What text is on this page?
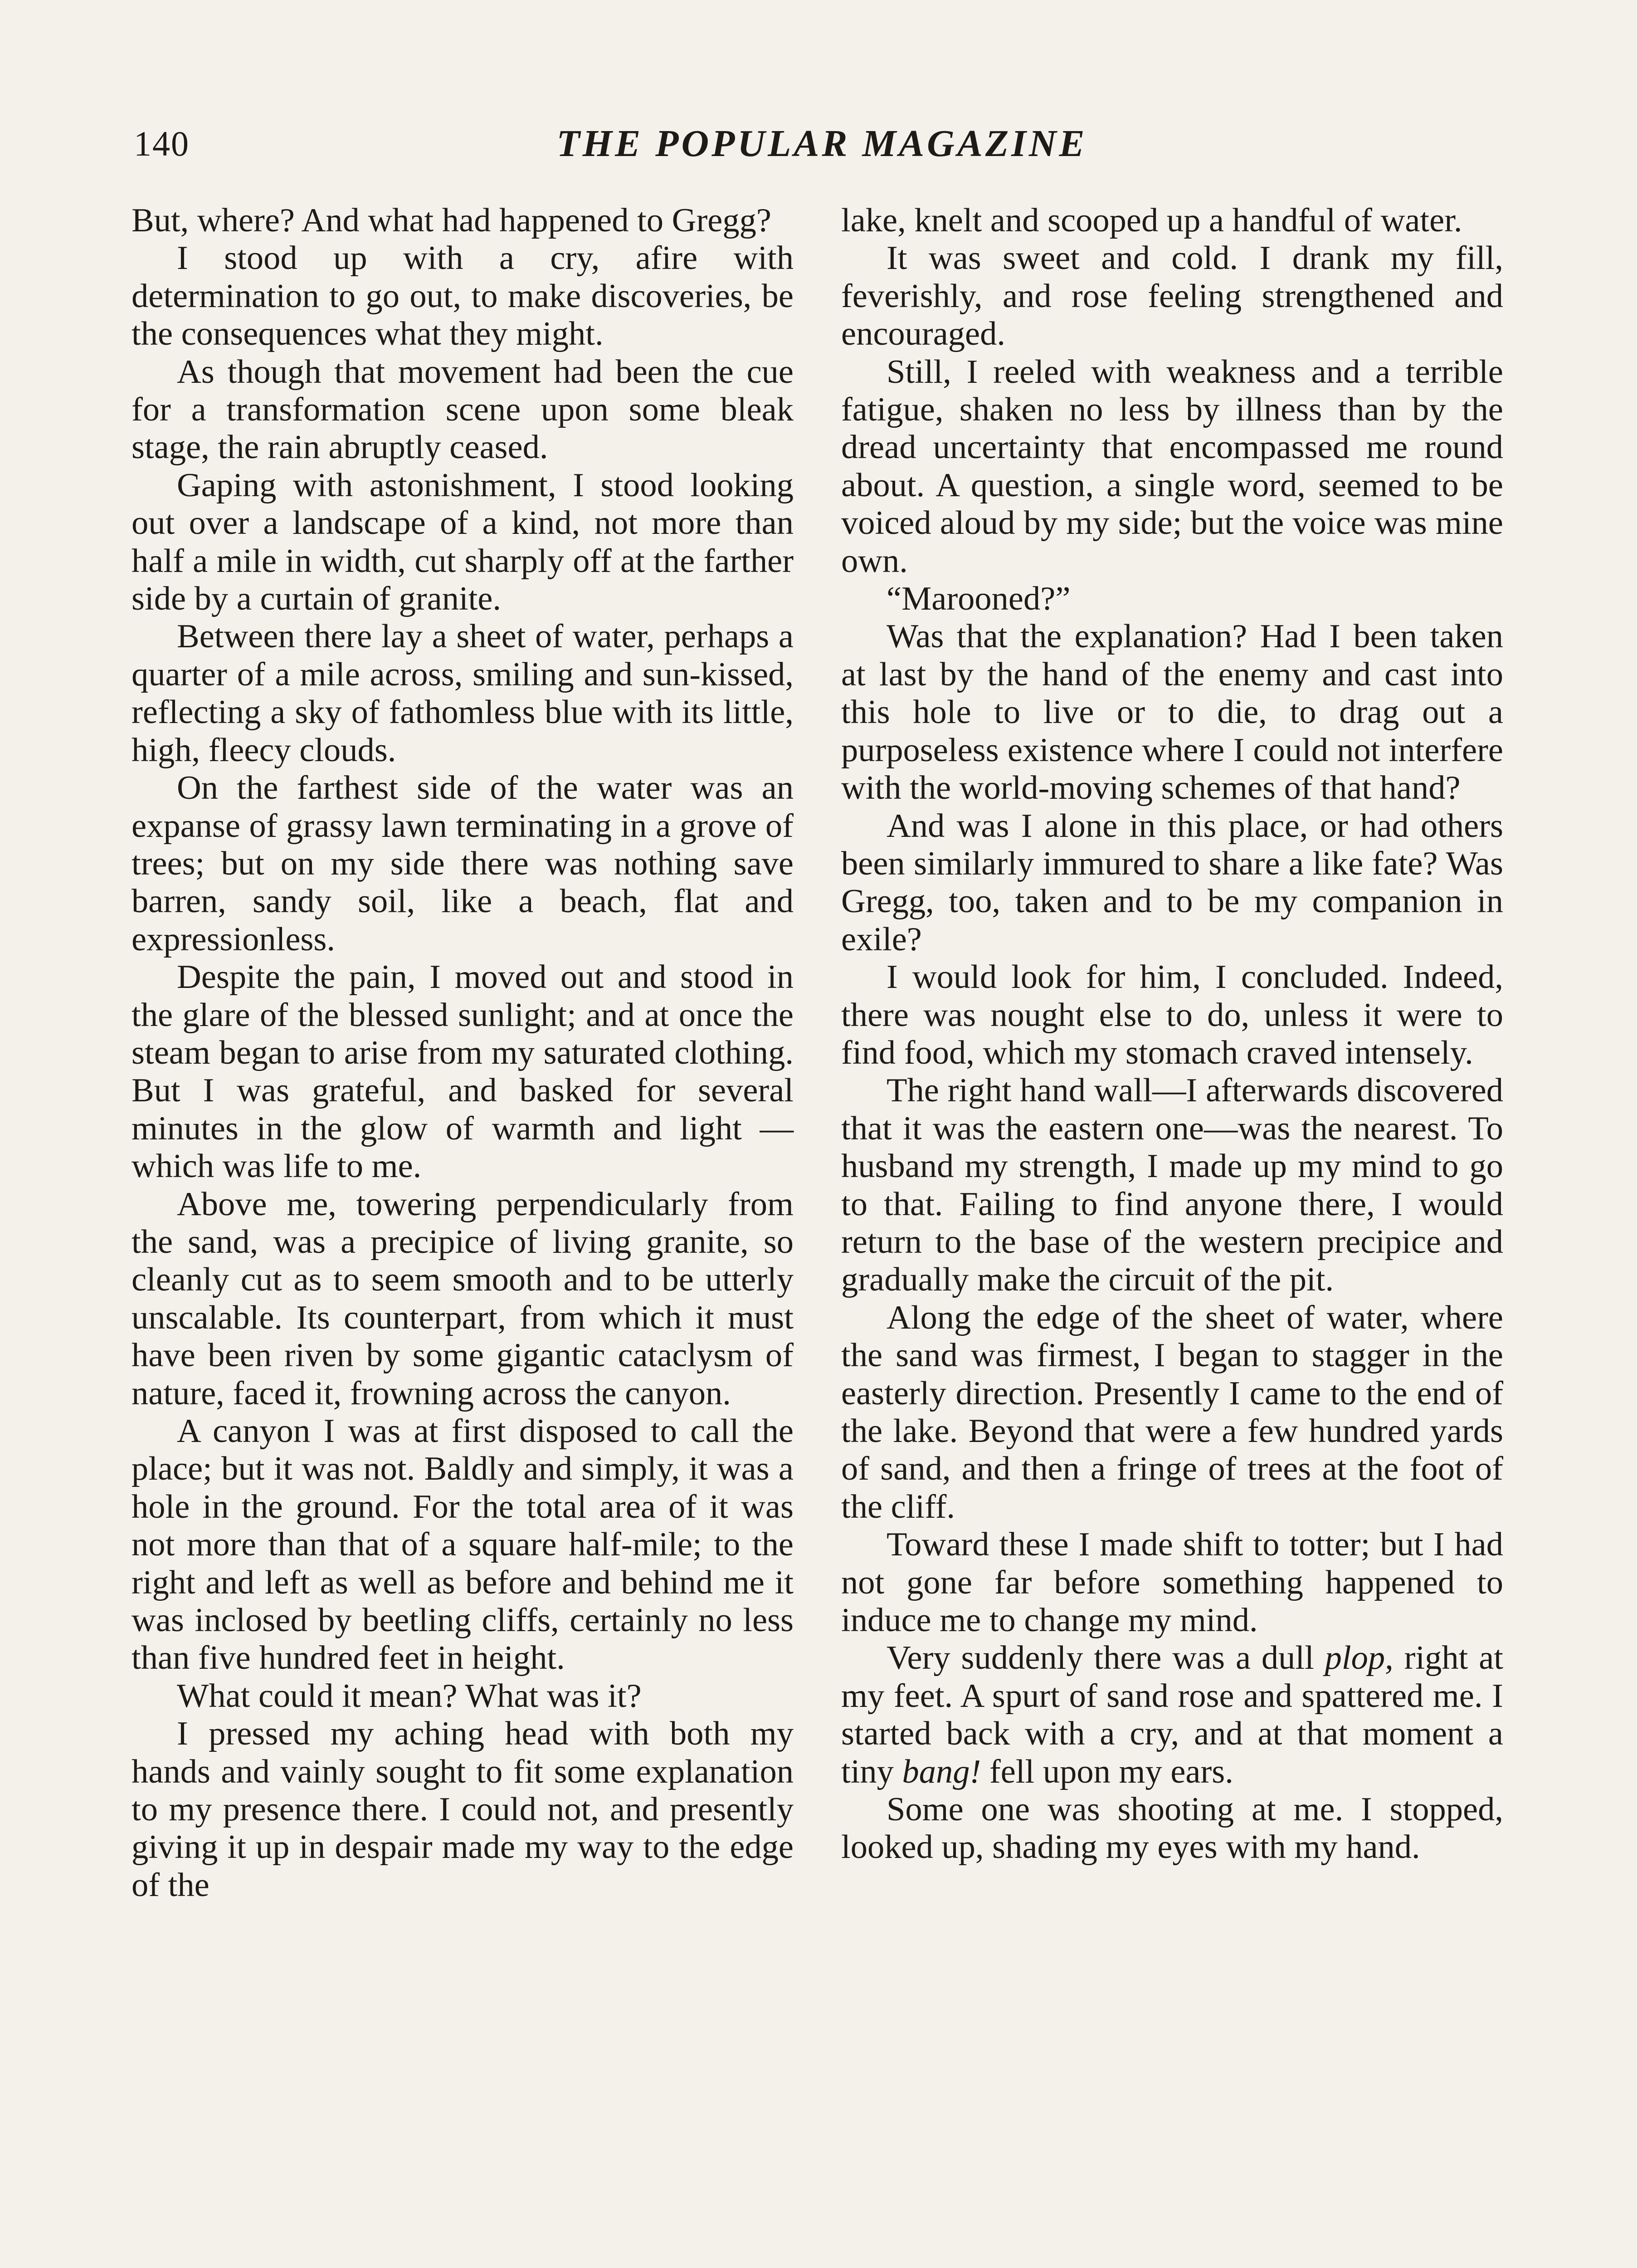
140	THE POPULAR MAGAZINE

But, where? And what had happened to Gregg?

I stood up with a cry, afire with determination to go out, to make discoveries, be the consequences what they might.

As though that movement had been the cue for a transformation scene upon some bleak stage, the rain abruptly ceased.

Gaping with astonishment, I stood looking out over a landscape of a kind, not more than half a mile in width, cut sharply off at the farther side by a curtain of granite.

Between there lay a sheet of water, perhaps a quarter of a mile across, smiling and sun-kissed, reflecting a sky of fathomless blue with its little, high, fleecy clouds.

On the farthest side of the water was an expanse of grassy lawn terminating in a grove of trees; but on my side there was nothing save barren, sandy soil, like a beach, flat and expressionless.

Despite the pain, I moved out and stood in the glare of the blessed sunlight; and at once the steam began to arise from my saturated clothing. But I was grateful, and basked for several minutes in the glow of warmth and light —which was life to me.

Above me, towering perpendicularly from the sand, was a precipice of living granite, so cleanly cut as to seem smooth and to be utterly unscalable. Its counterpart, from which it must have been riven by some gigantic cataclysm of nature, faced it, frowning across the canyon.

A canyon I was at first disposed to call the place; but it was not. Baldly and simply, it was a hole in the ground. For the total area of it was not more than that of a square half-mile; to the right and left as well as before and behind me it was inclosed by beetling cliffs, certainly no less than five hundred feet in height.

What could it mean? What was it?

I pressed my aching head with both my hands and vainly sought to fit some explanation to my presence there. I could not, and presently giving it up in despair made my way to the edge of the

lake, knelt and scooped up a handful of water.

It was sweet and cold. I drank my fill, feverishly, and rose feeling strengthened and encouraged.

Still, I reeled with weakness and a terrible fatigue, shaken no less by illness than by the dread uncertainty that encompassed me round about. A question, a single word, seemed to be voiced aloud by my side; but the voice was mine own.

“Marooned?”

Was that the explanation? Had I been taken at last by the hand of the enemy and cast into this hole to live or to die, to drag out a purposeless existence where I could not interfere with the world-moving schemes of that hand?

And was I alone in this place, or had others been similarly immured to share a like fate? Was Gregg, too, taken and to be my companion in exile?

I would look for him, I concluded. Indeed, there was nought else to do, unless it were to find food, which my stomach craved intensely.

The right hand wall—I afterwards discovered that it was the eastern one—was the nearest. To husband my strength, I made up my mind to go to that. Failing to find anyone there, I would return to the base of the western precipice and gradually make the circuit of the pit.

Along the edge of the sheet of water, where the sand was firmest, I began to stagger in the easterly direction. Presently I came to the end of the lake. Beyond that were a few hundred yards of sand, and then a fringe of trees at the foot of the cliff.

Toward these I made shift to totter; but I had not gone far before something happened to induce me to change my mind.

Very suddenly there was a dull plop, right at my feet. A spurt of sand rose and spattered me. I started back with a cry, and at that moment a tiny bang! fell upon my ears.

Some one was shooting at me. I stopped, looked up, shading my eyes with my hand.
